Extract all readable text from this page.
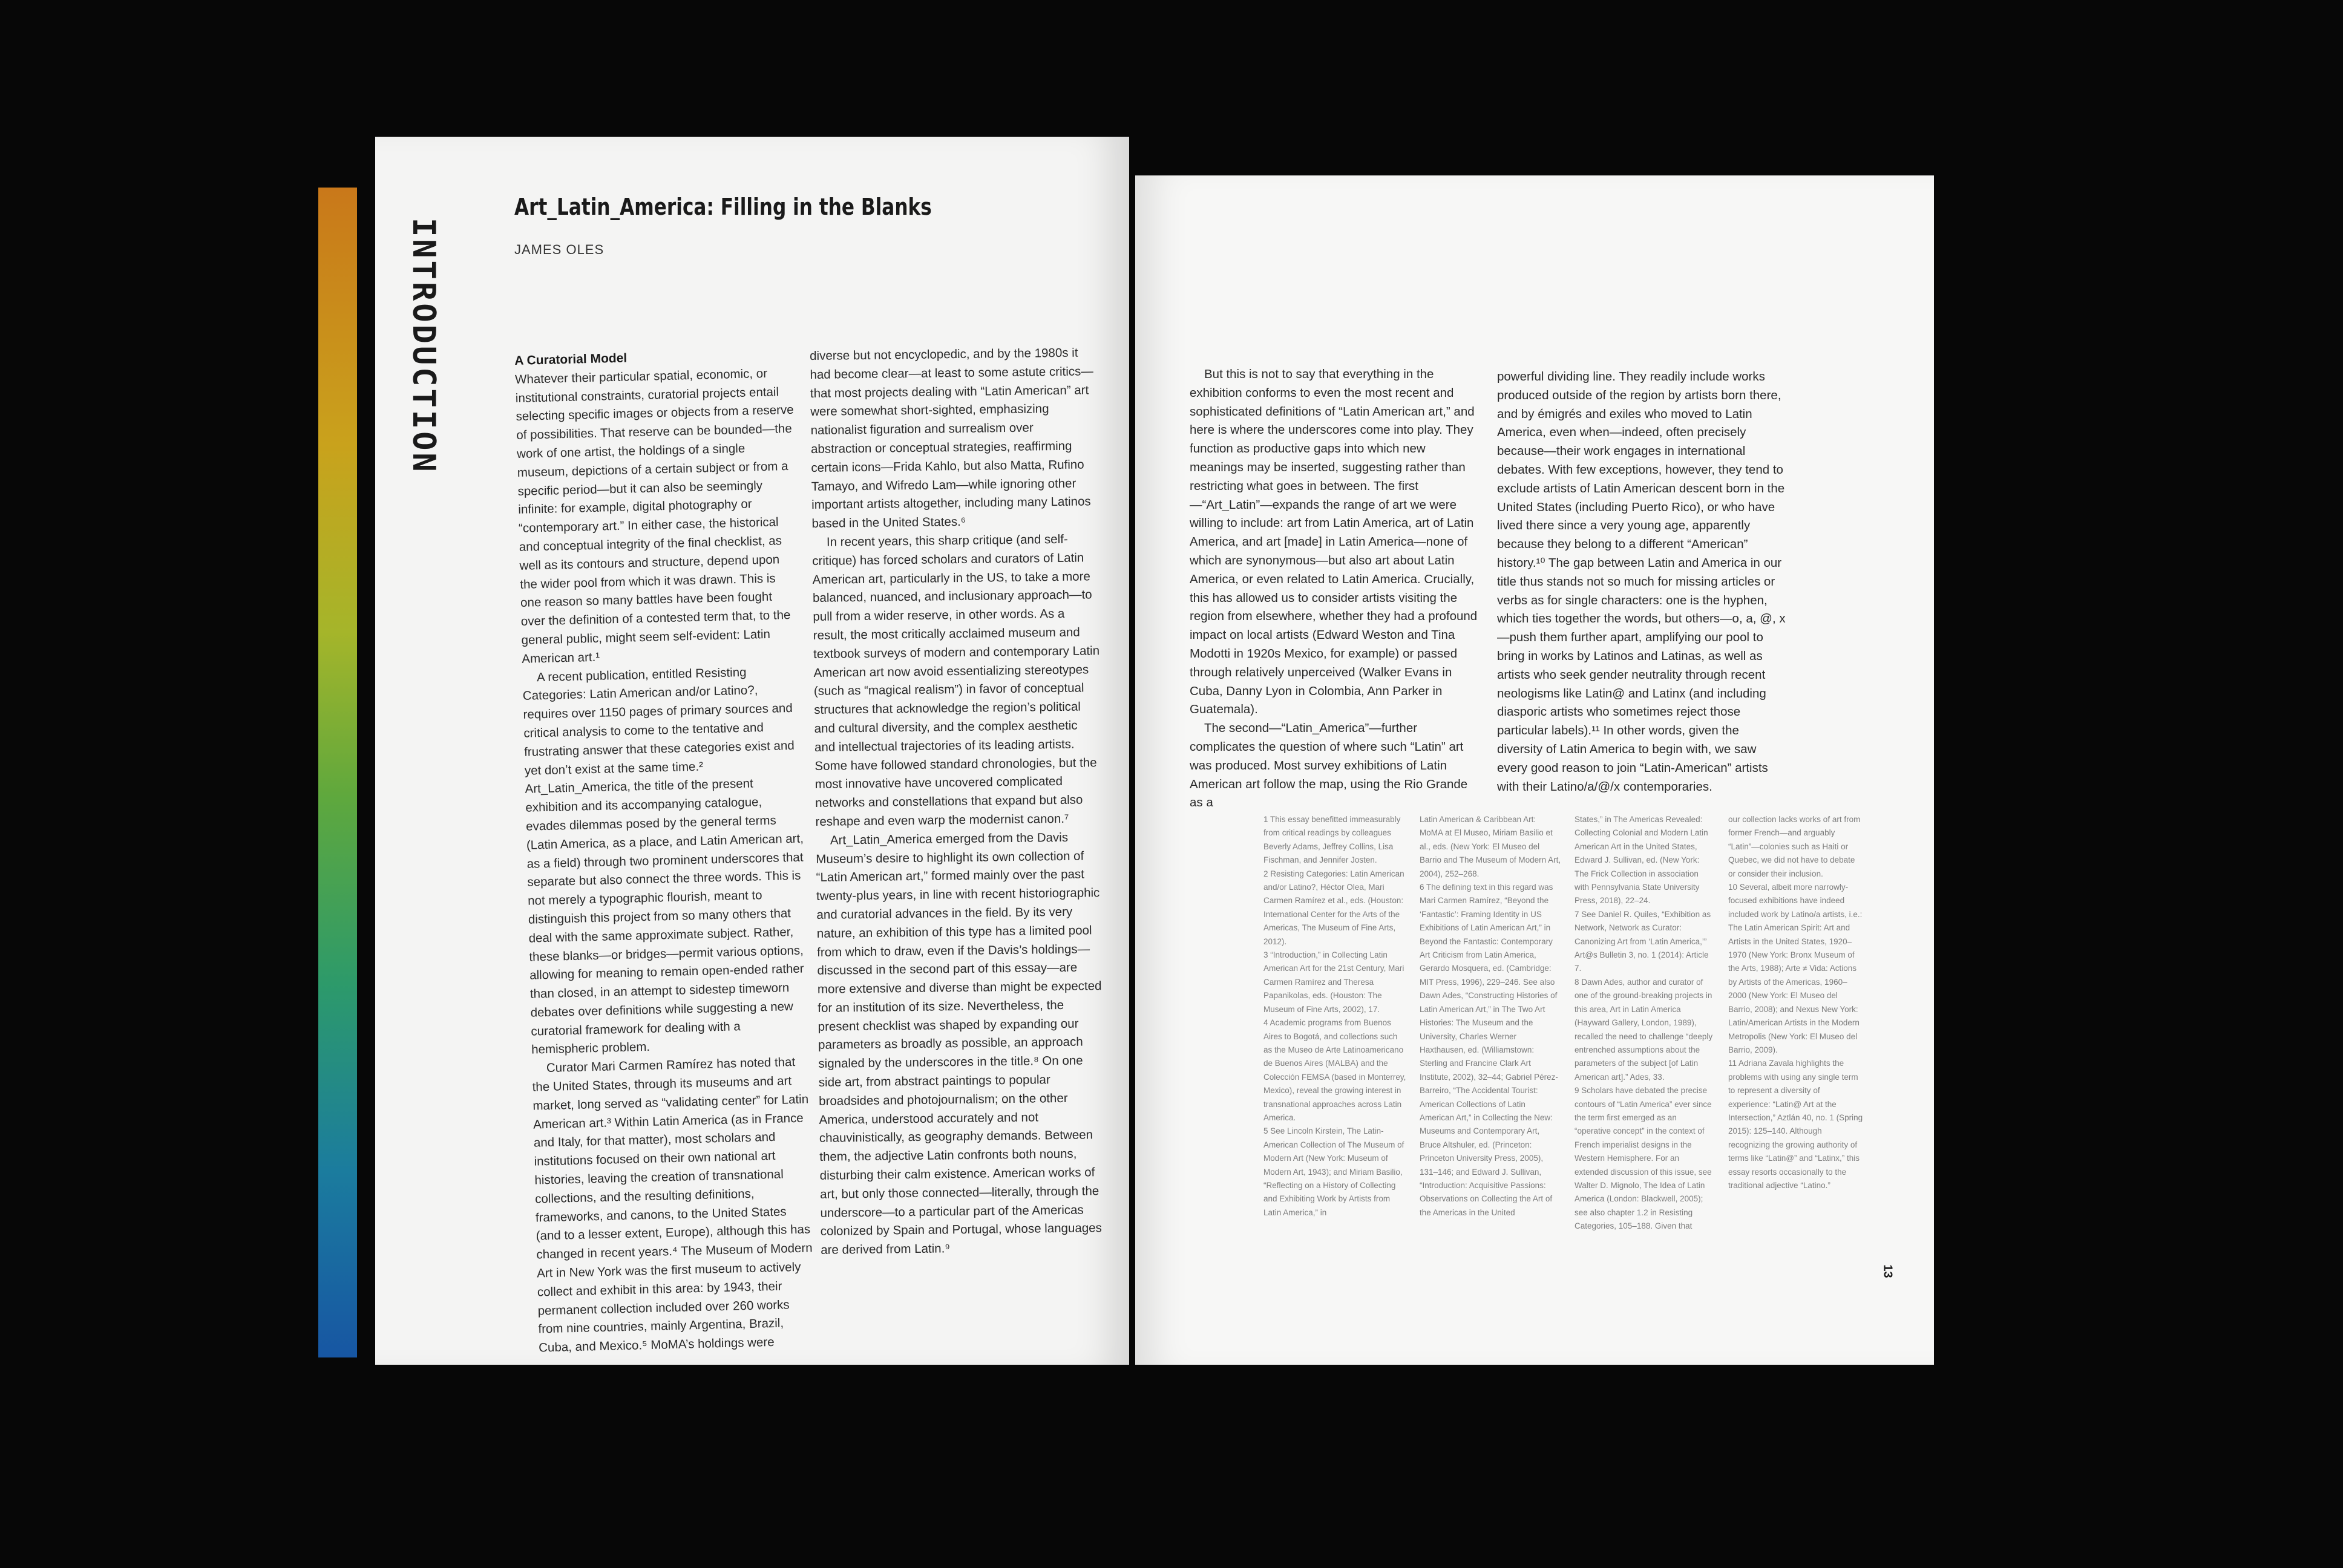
INTRODUCTION
Art_Latin_America: Filling in the Blanks
JAMES OLES
A Curatorial Model

Whatever their particular spatial, economic, or institutional constraints, curatorial projects entail selecting specific images or objects from a reserve of possibilities. That reserve can be bounded—the work of one artist, the holdings of a single museum, depictions of a certain subject or from a specific period—but it can also be seemingly infinite: for example, digital photography or “contemporary art.” In either case, the historical and conceptual integrity of the final checklist, as well as its contours and structure, depend upon the wider pool from which it was drawn. This is one reason so many battles have been fought over the definition of a contested term that, to the general public, might seem self-evident: Latin American art.¹

A recent publication, entitled Resisting Categories: Latin American and/or Latino?, requires over 1150 pages of primary sources and critical analysis to come to the tentative and frustrating answer that these categories exist and yet don’t exist at the same time.² Art_Latin_America, the title of the present exhibition and its accompanying catalogue, evades dilemmas posed by the general terms (Latin America, as a place, and Latin American art, as a field) through two prominent underscores that separate but also connect the three words. This is not merely a typographic flourish, meant to distinguish this project from so many others that deal with the same approximate subject. Rather, these blanks—or bridges—permit various options, allowing for meaning to remain open-ended rather than closed, in an attempt to sidestep timeworn debates over definitions while suggesting a new curatorial framework for dealing with a hemispheric problem.

Curator Mari Carmen Ramírez has noted that the United States, through its museums and art market, long served as “validating center” for Latin American art.³ Within Latin America (as in France and Italy, for that matter), most scholars and institutions focused on their own national art histories, leaving the creation of transnational collections, and the resulting definitions, frameworks, and canons, to the United States (and to a lesser extent, Europe), although this has changed in recent years.⁴ The Museum of Modern Art in New York was the first museum to actively collect and exhibit in this area: by 1943, their permanent collection included over 260 works from nine countries, mainly Argentina, Brazil, Cuba, and Mexico.⁵ MoMA’s holdings were

diverse but not encyclopedic, and by the 1980s it had become clear—at least to some astute critics—that most projects dealing with “Latin American” art were somewhat short-sighted, emphasizing nationalist figuration and surrealism over abstraction or conceptual strategies, reaffirming certain icons—Frida Kahlo, but also Matta, Rufino Tamayo, and Wifredo Lam—while ignoring other important artists altogether, including many Latinos based in the United States.⁶

In recent years, this sharp critique (and self-critique) has forced scholars and curators of Latin American art, particularly in the US, to take a more balanced, nuanced, and inclusionary approach—to pull from a wider reserve, in other words. As a result, the most critically acclaimed museum and textbook surveys of modern and contemporary Latin American art now avoid essentializing stereotypes (such as “magical realism”) in favor of conceptual structures that acknowledge the region’s political and cultural diversity, and the complex aesthetic and intellectual trajectories of its leading artists. Some have followed standard chronologies, but the most innovative have uncovered complicated networks and constellations that expand but also reshape and even warp the modernist canon.⁷

Art_Latin_America emerged from the Davis Museum’s desire to highlight its own collection of “Latin American art,” formed mainly over the past twenty-plus years, in line with recent historiographic and curatorial advances in the field. By its very nature, an exhibition of this type has a limited pool from which to draw, even if the Davis’s holdings—discussed in the second part of this essay—are more extensive and diverse than might be expected for an institution of its size. Nevertheless, the present checklist was shaped by expanding our parameters as broadly as possible, an approach signaled by the underscores in the title.⁸ On one side art, from abstract paintings to popular broadsides and photojournalism; on the other America, understood accurately and not chauvinistically, as geography demands. Between them, the adjective Latin confronts both nouns, disturbing their calm existence. American works of art, but only those connected—literally, through the underscore—to a particular part of the Americas colonized by Spain and Portugal, whose languages are derived from Latin.⁹

But this is not to say that everything in the exhibition conforms to even the most recent and sophisticated definitions of “Latin American art,” and here is where the underscores come into play. They function as productive gaps into which new meanings may be inserted, suggesting rather than restricting what goes in between. The first—“Art_Latin”—expands the range of art we were willing to include: art from Latin America, art of Latin America, and art [made] in Latin America—none of which are synonymous—but also art about Latin America, or even related to Latin America. Crucially, this has allowed us to consider artists visiting the region from elsewhere, whether they had a profound impact on local artists (Edward Weston and Tina Modotti in 1920s Mexico, for example) or passed through relatively unperceived (Walker Evans in Cuba, Danny Lyon in Colombia, Ann Parker in Guatemala).

The second—“Latin_America”—further complicates the question of where such “Latin” art was produced. Most survey exhibitions of Latin American art follow the map, using the Rio Grande as a

powerful dividing line. They readily include works produced outside of the region by artists born there, and by émigrés and exiles who moved to Latin America, even when—indeed, often precisely because—their work engages in international debates. With few exceptions, however, they tend to exclude artists of Latin American descent born in the United States (including Puerto Rico), or who have lived there since a very young age, apparently because they belong to a different “American” history.¹⁰ The gap between Latin and America in our title thus stands not so much for missing articles or verbs as for single characters: one is the hyphen, which ties together the words, but others—o, a, @, x—push them further apart, amplifying our pool to bring in works by Latinos and Latinas, as well as artists who seek gender neutrality through recent neologisms like Latin@ and Latinx (and including diasporic artists who sometimes reject those particular labels).¹¹ In other words, given the diversity of Latin America to begin with, we saw every good reason to join “Latin-American” artists with their Latino/a/@/x contemporaries.

1 This essay benefitted immeasurably from critical readings by colleagues Beverly Adams, Jeffrey Collins, Lisa Fischman, and Jennifer Josten.

2 Resisting Categories: Latin American and/or Latino?, Héctor Olea, Mari Carmen Ramírez et al., eds. (Houston: International Center for the Arts of the Americas, The Museum of Fine Arts, 2012).

3 “Introduction,” in Collecting Latin American Art for the 21st Century, Mari Carmen Ramírez and Theresa Papanikolas, eds. (Houston: The Museum of Fine Arts, 2002), 17.

4 Academic programs from Buenos Aires to Bogotá, and collections such as the Museo de Arte Latinoamericano de Buenos Aires (MALBA) and the Colección FEMSA (based in Monterrey, Mexico), reveal the growing interest in transnational approaches across Latin America.

5 See Lincoln Kirstein, The Latin-American Collection of The Museum of Modern Art (New York: Museum of Modern Art, 1943); and Miriam Basilio, “Reflecting on a History of Collecting and Exhibiting Work by Artists from Latin America,” in

Latin American & Caribbean Art: MoMA at El Museo, Miriam Basilio et al., eds. (New York: El Museo del Barrio and The Museum of Modern Art, 2004), 252–268.

6 The defining text in this regard was Mari Carmen Ramírez, “Beyond the ‘Fantastic’: Framing Identity in US Exhibitions of Latin American Art,” in Beyond the Fantastic: Contemporary Art Criticism from Latin America, Gerardo Mosquera, ed. (Cambridge: MIT Press, 1996), 229–246. See also Dawn Ades, “Constructing Histories of Latin American Art,” in The Two Art Histories: The Museum and the University, Charles Werner Haxthausen, ed. (Williamstown: Sterling and Francine Clark Art Institute, 2002), 32–44; Gabriel Pérez-Barreiro, “The Accidental Tourist: American Collections of Latin American Art,” in Collecting the New: Museums and Contemporary Art, Bruce Altshuler, ed. (Princeton: Princeton University Press, 2005), 131–146; and Edward J. Sullivan, “Introduction: Acquisitive Passions: Observations on Collecting the Art of the Americas in the United

States,” in The Americas Revealed: Collecting Colonial and Modern Latin American Art in the United States, Edward J. Sullivan, ed. (New York: The Frick Collection in association with Pennsylvania State University Press, 2018), 22–24.

7 See Daniel R. Quiles, “Exhibition as Network, Network as Curator: Canonizing Art from ‘Latin America,’” Art@s Bulletin 3, no. 1 (2014): Article 7.

8 Dawn Ades, author and curator of one of the ground-breaking projects in this area, Art in Latin America (Hayward Gallery, London, 1989), recalled the need to challenge “deeply entrenched assumptions about the parameters of the subject [of Latin American art].” Ades, 33.

9 Scholars have debated the precise contours of “Latin America” ever since the term first emerged as an “operative concept” in the context of French imperialist designs in the Western Hemisphere. For an extended discussion of this issue, see Walter D. Mignolo, The Idea of Latin America (London: Blackwell, 2005); see also chapter 1.2 in Resisting Categories, 105–188. Given that

our collection lacks works of art from former French—and arguably “Latin”—colonies such as Haiti or Quebec, we did not have to debate or consider their inclusion.

10 Several, albeit more narrowly-focused exhibitions have indeed included work by Latino/a artists, i.e.: The Latin American Spirit: Art and Artists in the United States, 1920–1970 (New York: Bronx Museum of the Arts, 1988); Arte ≠ Vida: Actions by Artists of the Americas, 1960–2000 (New York: El Museo del Barrio, 2008); and Nexus New York: Latin/American Artists in the Modern Metropolis (New York: El Museo del Barrio, 2009).

11 Adriana Zavala highlights the problems with using any single term to represent a diversity of experience: “Latin@ Art at the Intersection,” Aztlán 40, no. 1 (Spring 2015): 125–140. Although recognizing the growing authority of terms like “Latin@” and “Latinx,” this essay resorts occasionally to the traditional adjective “Latino.”

13
